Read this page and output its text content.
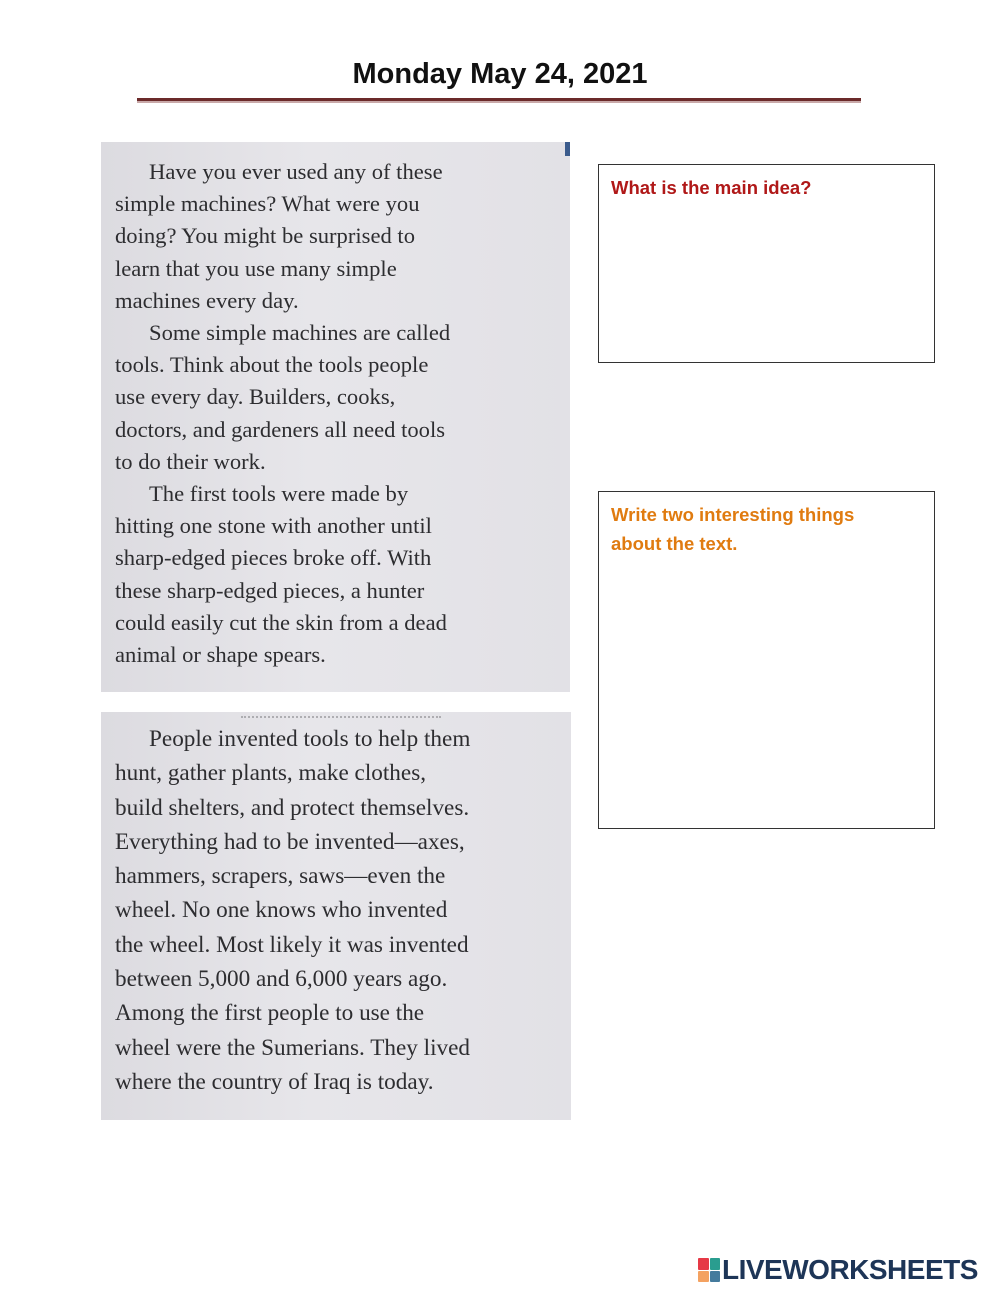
Monday May 24, 2021

Have you ever used any of these
simple machines? What were you
doing? You might be surprised to
learn that you use many simple
machines every day.

Some simple machines are called
tools. Think about the tools people
use every day. Builders, cooks,
doctors, and gardeners all need tools
to do their work.

The first tools were made by
hitting one stone with another until
sharp-edged pieces broke off. With
these sharp-edged pieces, a hunter
could easily cut the skin from a dead
animal or shape spears.

People invented tools to help them
hunt, gather plants, make clothes,
build shelters, and protect themselves.
Everything had to be invented—axes,
hammers, scrapers, saws—even the
wheel. No one knows who invented
the wheel. Most likely it was invented
between 5,000 and 6,000 years ago.
Among the first people to use the
wheel were the Sumerians. They lived
where the country of Iraq is today.

What is the main idea?

Write two interesting things
about the text.

LIVEWORKSHEETS
